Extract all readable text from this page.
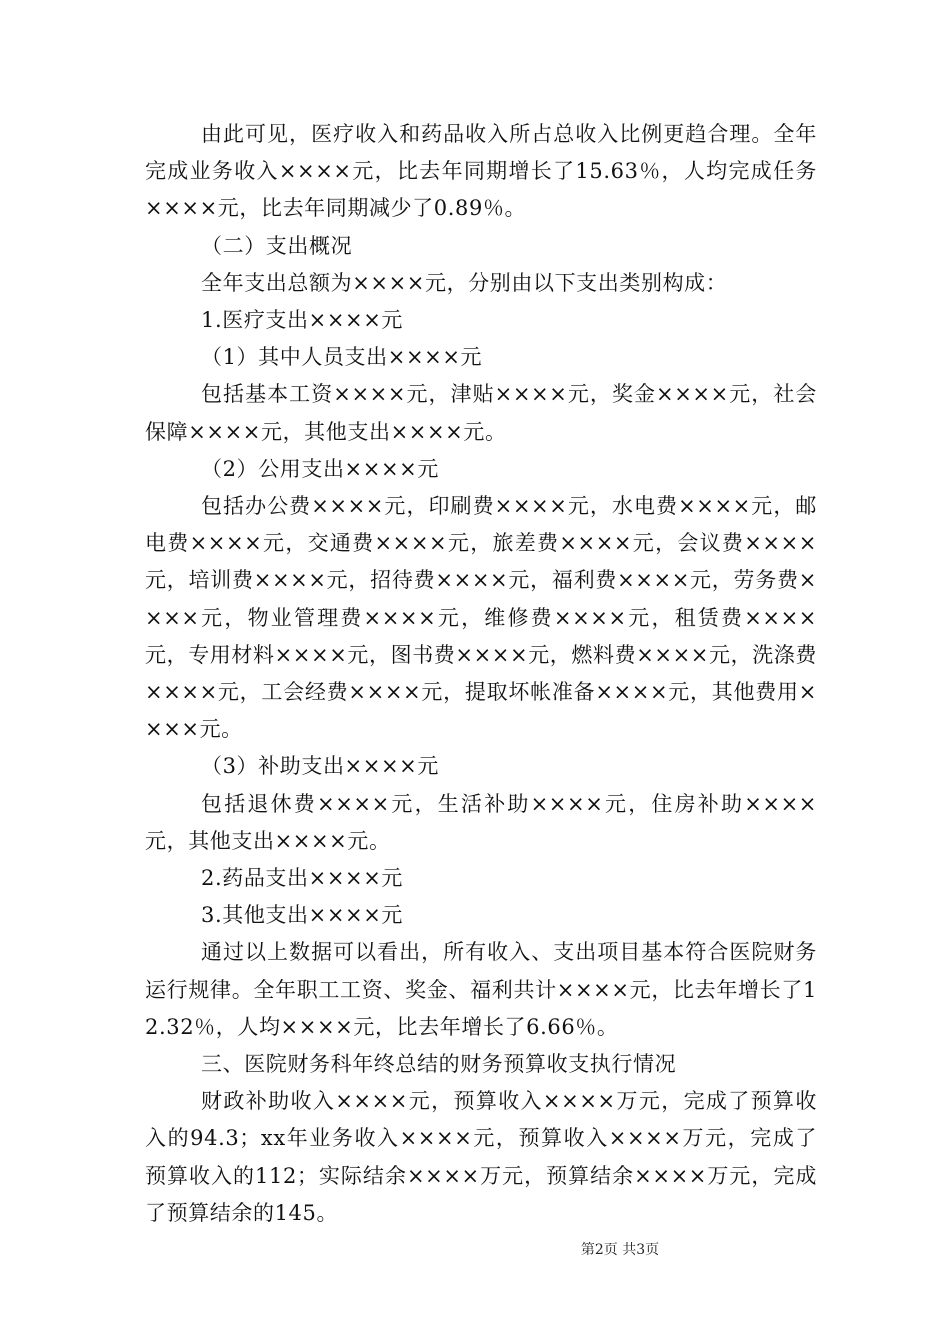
由此可见，医疗收入和药品收入所占总收入比例更趋合理。全年完成业务收入××××元，比去年同期增长了15.63％，人均完成任务××××元，比去年同期减少了0.89％。

（二）支出概况

全年支出总额为××××元，分别由以下支出类别构成：

1.医疗支出××××元

（1）其中人员支出××××元

包括基本工资××××元，津贴××××元，奖金××××元，社会保障××××元，其他支出××××元。

（2）公用支出××××元

包括办公费××××元，印刷费××××元，水电费××××元，邮电费××××元，交通费××××元，旅差费××××元，会议费××××元，培训费××××元，招待费××××元，福利费××××元，劳务费××××元，物业管理费××××元，维修费××××元，租赁费××××元，专用材料××××元，图书费××××元，燃料费××××元，洗涤费××××元，工会经费××××元，提取坏帐准备××××元，其他费用××××元。

（3）补助支出××××元

包括退休费××××元，生活补助××××元，住房补助××××元，其他支出××××元。

2.药品支出××××元

3.其他支出××××元

通过以上数据可以看出，所有收入、支出项目基本符合医院财务运行规律。全年职工工资、奖金、福利共计××××元，比去年增长了12.32％，人均××××元，比去年增长了6.66％。

三、医院财务科年终总结的财务预算收支执行情况

财政补助收入××××元，预算收入××××万元，完成了预算收入的94.3；xx年业务收入××××元，预算收入××××万元，完成了预算收入的112；实际结余××××万元，预算结余××××万元，完成了预算结余的145。

第2页 共3页
